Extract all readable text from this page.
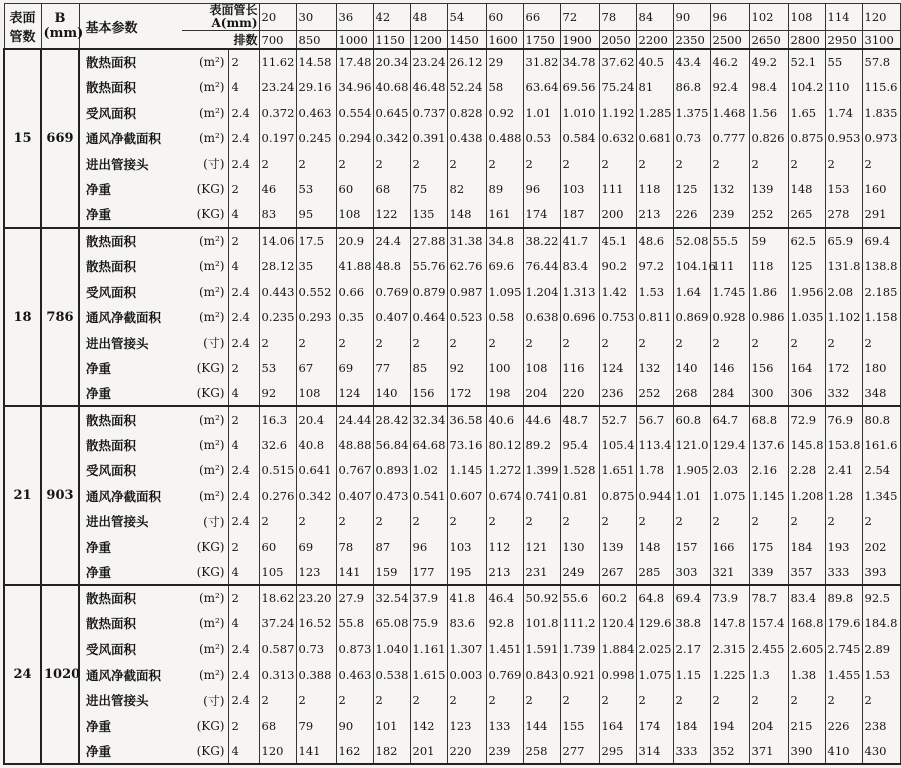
表面
管数	B
(mm)	基本参数	表面管长
A(mm)		20	30	36	42	48	54	60	66	72	78	84	90	96	102	108	114	120
			排数		700	850	1000	1150	1200	1450	1600	1750	1900	2050	2200	2350	2500	2650	2800	2950	3100
15	669	散热面积	(m²)	2	11.62	14.58	17.48	20.34	23.24	26.12	29	31.82	34.78	37.62	40.5	43.4	46.2	49.2	52.1	55	57.8
		散热面积	(m²)	4	23.24	29.16	34.96	40.68	46.48	52.24	58	63.64	69.56	75.24	81	86.8	92.4	98.4	104.2	110	115.6
		受风面积	(m²)	2.4	0.372	0.463	0.554	0.645	0.737	0.828	0.92	1.01	1.010	1.192	1.285	1.375	1.468	1.56	1.65	1.74	1.835
		通风净截面积	(m²)	2.4	0.197	0.245	0.294	0.342	0.391	0.438	0.488	0.53	0.584	0.632	0.681	0.73	0.777	0.826	0.875	0.953	0.973
		进出管接头	(寸)	2.4	2	2	2	2	2	2	2	2	2	2	2	2	2	2	2	2	2
		净重	(KG)	2	46	53	60	68	75	82	89	96	103	111	118	125	132	139	148	153	160
		净重	(KG)	4	83	95	108	122	135	148	161	174	187	200	213	226	239	252	265	278	291
18	786	散热面积	(m²)	2	14.06	17.5	20.9	24.4	27.88	31.38	34.8	38.22	41.7	45.1	48.6	52.08	55.5	59	62.5	65.9	69.4
		散热面积	(m²)	4	28.12	35	41.88	48.8	55.76	62.76	69.6	76.44	83.4	90.2	97.2	104.16	111	118	125	131.8	138.8
		受风面积	(m²)	2.4	0.443	0.552	0.66	0.769	0.879	0.987	1.095	1.204	1.313	1.42	1.53	1.64	1.745	1.86	1.956	2.08	2.185
		通风净截面积	(m²)	2.4	0.235	0.293	0.35	0.407	0.464	0.523	0.58	0.638	0.696	0.753	0.811	0.869	0.928	0.986	1.035	1.102	1.158
		进出管接头	(寸)	2.4	2	2	2	2	2	2	2	2	2	2	2	2	2	2	2	2	2
		净重	(KG)	2	53	67	69	77	85	92	100	108	116	124	132	140	146	156	164	172	180
		净重	(KG)	4	92	108	124	140	156	172	198	204	220	236	252	268	284	300	306	332	348
21	903	散热面积	(m²)	2	16.3	20.4	24.44	28.42	32.34	36.58	40.6	44.6	48.7	52.7	56.7	60.8	64.7	68.8	72.9	76.9	80.8
		散热面积	(m²)	4	32.6	40.8	48.88	56.84	64.68	73.16	80.12	89.2	95.4	105.4	113.4	121.0	129.4	137.6	145.8	153.8	161.6
		受风面积	(m²)	2.4	0.515	0.641	0.767	0.893	1.02	1.145	1.272	1.399	1.528	1.651	1.78	1.905	2.03	2.16	2.28	2.41	2.54
		通风净截面积	(m²)	2.4	0.276	0.342	0.407	0.473	0.541	0.607	0.674	0.741	0.81	0.875	0.944	1.01	1.075	1.145	1.208	1.28	1.345
		进出管接头	(寸)	2.4	2	2	2	2	2	2	2	2	2	2	2	2	2	2	2	2	2
		净重	(KG)	2	60	69	78	87	96	103	112	121	130	139	148	157	166	175	184	193	202
		净重	(KG)	4	105	123	141	159	177	195	213	231	249	267	285	303	321	339	357	333	393
24	1020	散热面积	(m²)	2	18.62	23.20	27.9	32.54	37.9	41.8	46.4	50.92	55.6	60.2	64.8	69.4	73.9	78.7	83.4	89.8	92.5
		散热面积	(m²)	4	37.24	16.52	55.8	65.08	75.9	83.6	92.8	101.8	111.2	120.4	129.6	38.8	147.8	157.4	168.8	179.6	184.8
		受风面积	(m²)	2.4	0.587	0.73	0.873	1.040	1.161	1.307	1.451	1.591	1.739	1.884	2.025	2.17	2.315	2.455	2.605	2.745	2.89
		通风净截面积	(m²)	2.4	0.313	0.388	0.463	0.538	1.615	0.003	0.769	0.843	0.921	0.998	1.075	1.15	1.225	1.3	1.38	1.455	1.53
		进出管接头	(寸)	2.4	2	2	2	2	2	2	2	2	2	2	2	2	2	2	2	2	2
		净重	(KG)	2	68	79	90	101	142	123	133	144	155	164	174	184	194	204	215	226	238
		净重	(KG)	4	120	141	162	182	201	220	239	258	277	295	314	333	352	371	390	410	430
